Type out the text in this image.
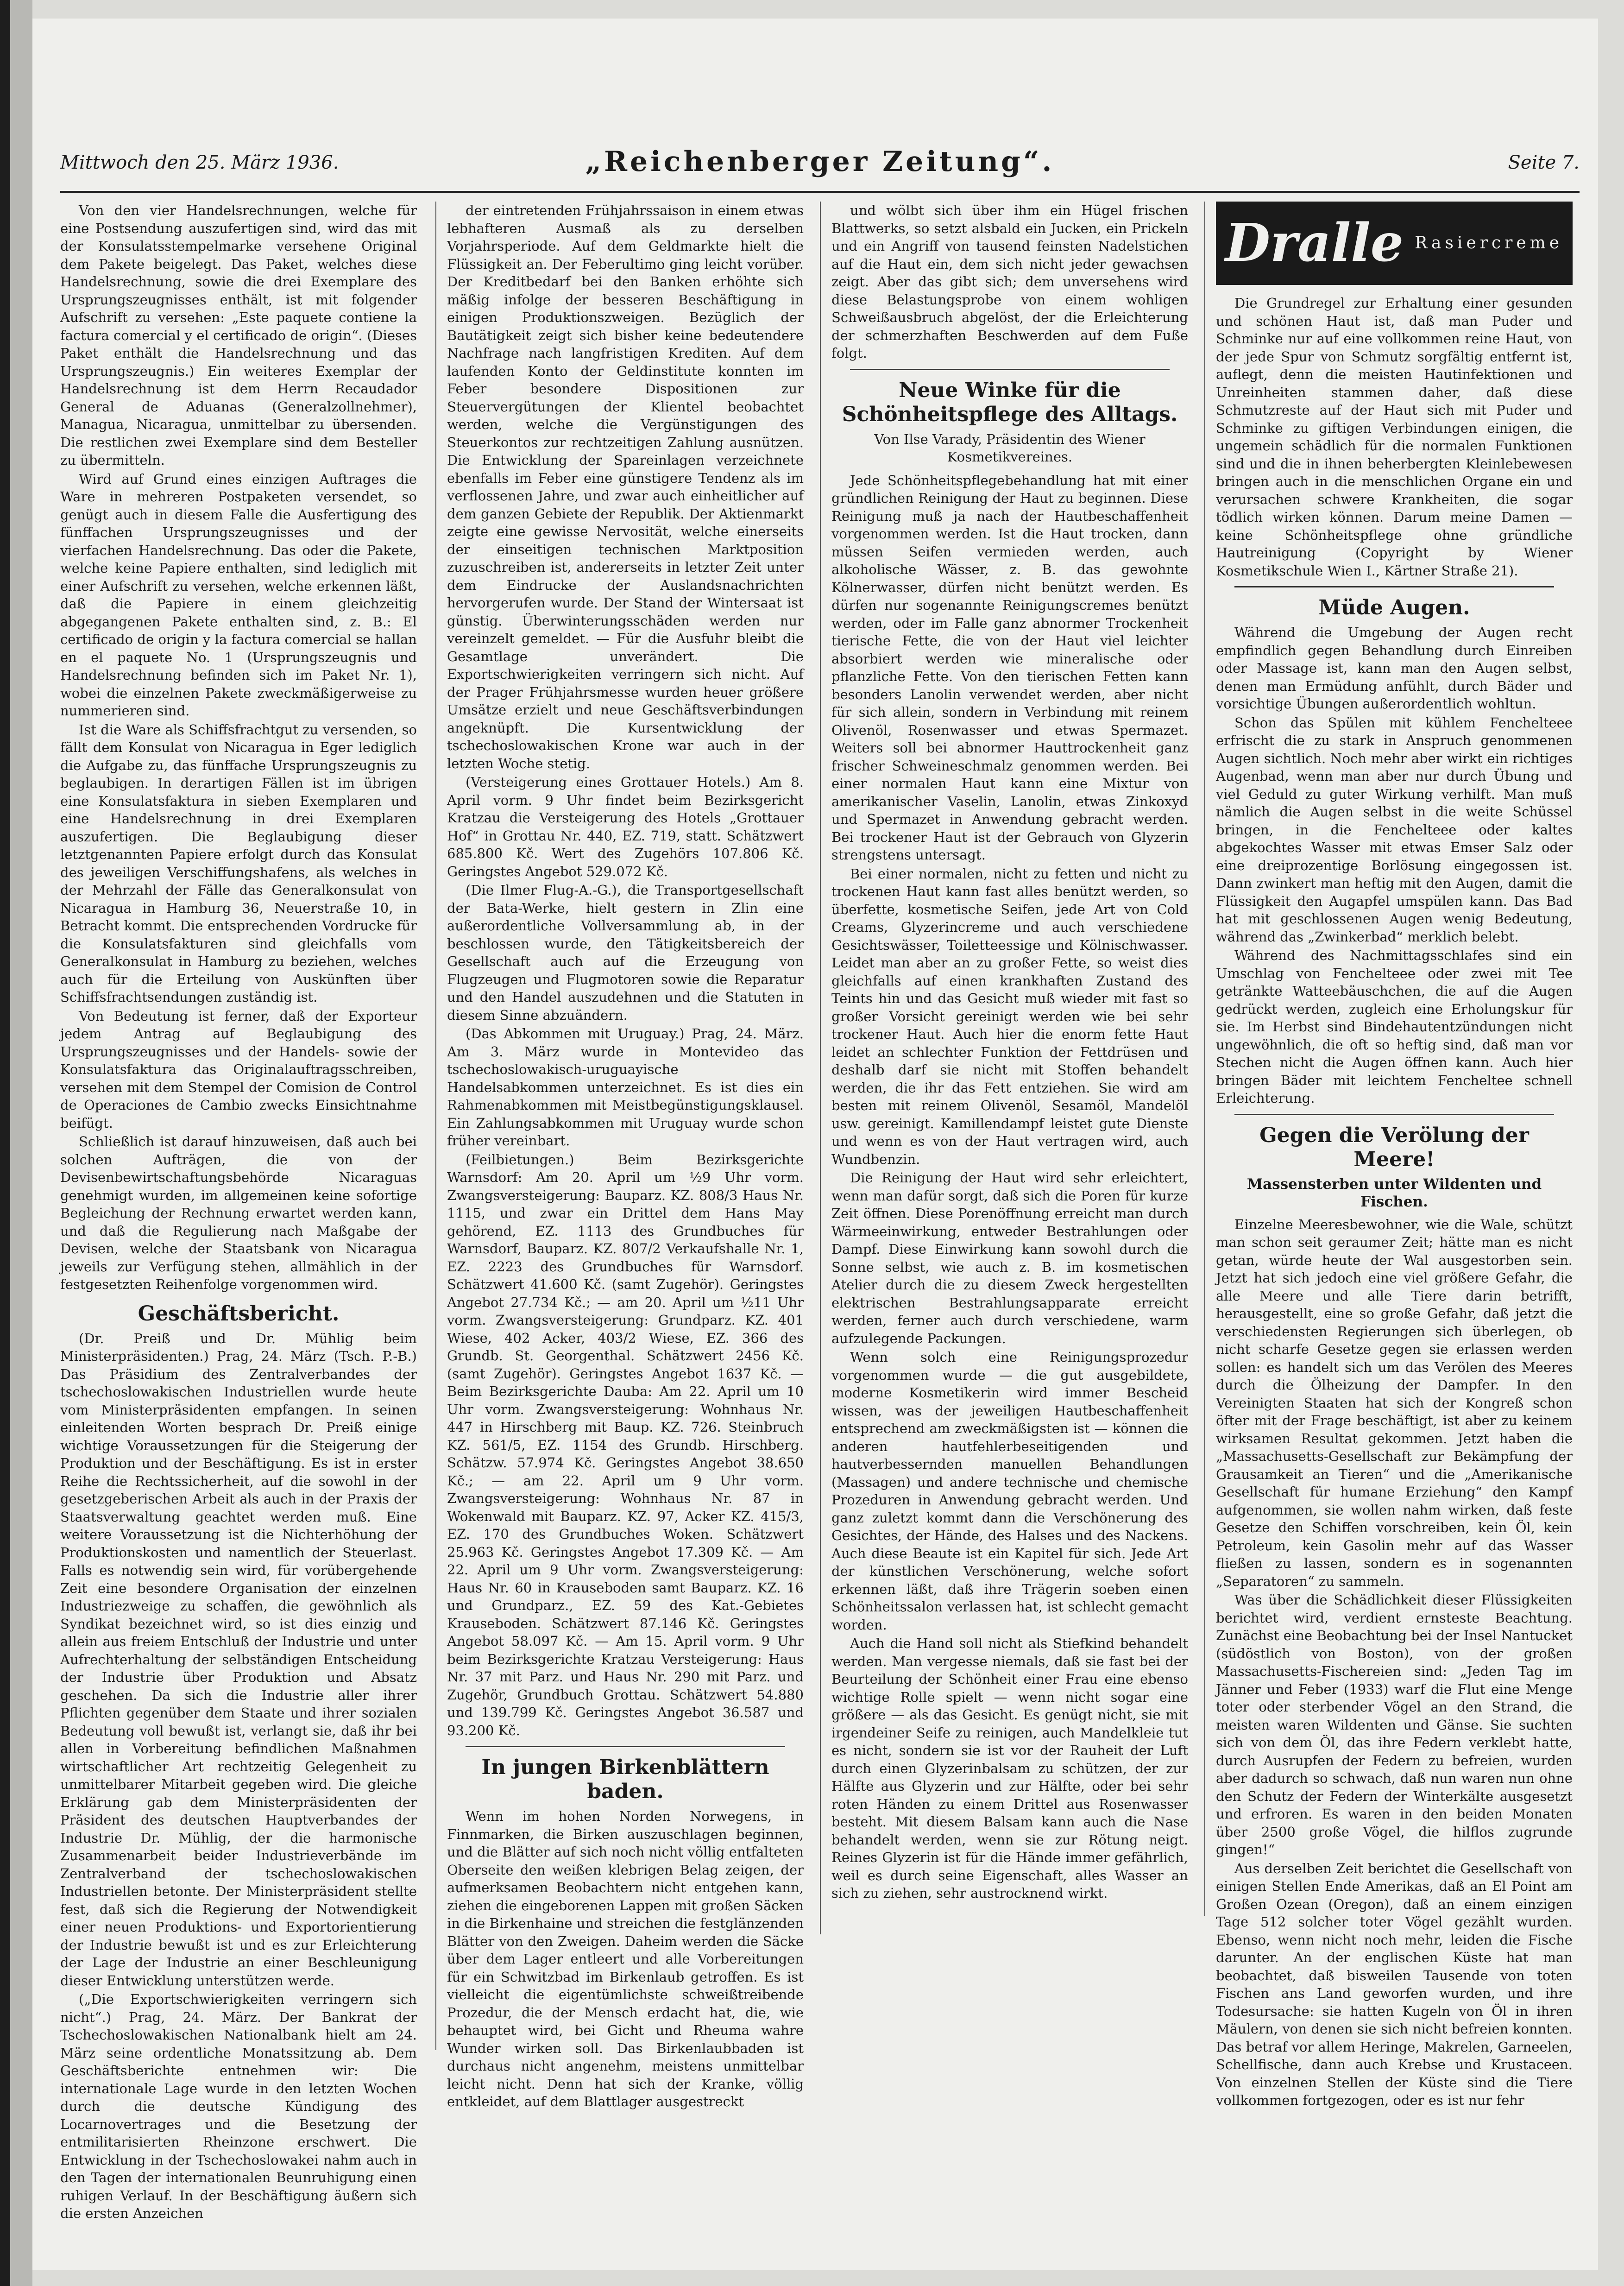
Mittwoch den 25. März 1936.	„Reichenberger Zeitung“.	Seite 7.

Von den vier Handelsrechnungen, welche für eine Postsendung auszufertigen sind, wird das mit der Konsulatsstempelmarke versehene Original dem Pakete beigelegt. Das Paket, welches diese Handelsrechnung, sowie die drei Exemplare des Ursprungszeugnisses enthält, ist mit folgender Aufschrift zu versehen: „Este paquete contiene la factura comercial y el certificado de origin“. (Dieses Paket enthält die Handelsrechnung und das Ursprungszeugnis.) Ein weiteres Exemplar der Handelsrechnung ist dem Herrn Recaudador General de Aduanas (Generalzollnehmer), Managua, Nicaragua, unmittelbar zu übersenden. Die restlichen zwei Exemplare sind dem Besteller zu übermitteln.

Wird auf Grund eines einzigen Auftrages die Ware in mehreren Postpaketen versendet, so genügt auch in diesem Falle die Ausfertigung des fünffachen Ursprungszeugnisses und der vierfachen Handelsrechnung. Das oder die Pakete, welche keine Papiere enthalten, sind lediglich mit einer Aufschrift zu versehen, welche erkennen läßt, daß die Papiere in einem gleichzeitig abgegangenen Pakete enthalten sind, z. B.: El certificado de origin y la factura comercial se hallan en el paquete No. 1 (Ursprungszeugnis und Handelsrechnung befinden sich im Paket Nr. 1), wobei die einzelnen Pakete zweckmäßigerweise zu nummerieren sind.

Ist die Ware als Schiffsfrachtgut zu versenden, so fällt dem Konsulat von Nicaragua in Eger lediglich die Aufgabe zu, das fünffache Ursprungszeugnis zu beglaubigen. In derartigen Fällen ist im übrigen eine Konsulatsfaktura in sieben Exemplaren und eine Handelsrechnung in drei Exemplaren auszufertigen. Die Beglaubigung dieser letztgenannten Papiere erfolgt durch das Konsulat des jeweiligen Verschiffungshafens, als welches in der Mehrzahl der Fälle das Generalkonsulat von Nicaragua in Hamburg 36, Neuerstraße 10, in Betracht kommt. Die entsprechenden Vordrucke für die Konsulatsfakturen sind gleichfalls vom Generalkonsulat in Hamburg zu beziehen, welches auch für die Erteilung von Auskünften über Schiffsfrachtsendungen zuständig ist.

Von Bedeutung ist ferner, daß der Exporteur jedem Antrag auf Beglaubigung des Ursprungszeugnisses und der Handels- sowie der Konsulatsfaktura das Originalauftragsschreiben, versehen mit dem Stempel der Comision de Control de Operaciones de Cambio zwecks Einsichtnahme beifügt.

Schließlich ist darauf hinzuweisen, daß auch bei solchen Aufträgen, die von der Devisenbewirtschaftungsbehörde Nicaraguas genehmigt wurden, im allgemeinen keine sofortige Begleichung der Rechnung erwartet werden kann, und daß die Regulierung nach Maßgabe der Devisen, welche der Staatsbank von Nicaragua jeweils zur Verfügung stehen, allmählich in der festgesetzten Reihenfolge vorgenommen wird.

Geschäftsbericht.

(Dr. Preiß und Dr. Mühlig beim Ministerpräsidenten.) Prag, 24. März (Tsch. P.-B.) Das Präsidium des Zentralverbandes der tschechoslowakischen Industriellen wurde heute vom Ministerpräsidenten empfangen. In seinen einleitenden Worten besprach Dr. Preiß einige wichtige Voraussetzungen für die Steigerung der Produktion und der Beschäftigung. Es ist in erster Reihe die Rechtssicherheit, auf die sowohl in der gesetzgeberischen Arbeit als auch in der Praxis der Staatsverwaltung geachtet werden muß. Eine weitere Voraussetzung ist die Nichterhöhung der Produktionskosten und namentlich der Steuerlast. Falls es notwendig sein wird, für vorübergehende Zeit eine besondere Organisation der einzelnen Industriezweige zu schaffen, die gewöhnlich als Syndikat bezeichnet wird, so ist dies einzig und allein aus freiem Entschluß der Industrie und unter Aufrechterhaltung der selbständigen Entscheidung der Industrie über Produktion und Absatz geschehen. Da sich die Industrie aller ihrer Pflichten gegenüber dem Staate und ihrer sozialen Bedeutung voll bewußt ist, verlangt sie, daß ihr bei allen in Vorbereitung befindlichen Maßnahmen wirtschaftlicher Art rechtzeitig Gelegenheit zu unmittelbarer Mitarbeit gegeben wird. Die gleiche Erklärung gab dem Ministerpräsidenten der Präsident des deutschen Hauptverbandes der Industrie Dr. Mühlig, der die harmonische Zusammenarbeit beider Industrieverbände im Zentralverband der tschechoslowakischen Industriellen betonte. Der Ministerpräsident stellte fest, daß sich die Regierung der Notwendigkeit einer neuen Produktions- und Exportorientierung der Industrie bewußt ist und es zur Erleichterung der Lage der Industrie an einer Beschleunigung dieser Entwicklung unterstützen werde.

(„Die Exportschwierigkeiten verringern sich nicht“.) Prag, 24. März. Der Bankrat der Tschechoslowakischen Nationalbank hielt am 24. März seine ordentliche Monatssitzung ab. Dem Geschäftsberichte entnehmen wir: Die internationale Lage wurde in den letzten Wochen durch die deutsche Kündigung des Locarnovertrages und die Besetzung der entmilitarisierten Rheinzone erschwert. Die Entwicklung in der Tschechoslowakei nahm auch in den Tagen der internationalen Beunruhigung einen ruhigen Verlauf. In der Beschäftigung äußern sich die ersten Anzeichen

der eintretenden Frühjahrssaison in einem etwas lebhafteren Ausmaß als zu derselben Vorjahrsperiode. Auf dem Geldmarkte hielt die Flüssigkeit an. Der Feberultimo ging leicht vorüber. Der Kreditbedarf bei den Banken erhöhte sich mäßig infolge der besseren Beschäftigung in einigen Produktionszweigen. Bezüglich der Bautätigkeit zeigt sich bisher keine bedeutendere Nachfrage nach langfristigen Krediten. Auf dem laufenden Konto der Geldinstitute konnten im Feber besondere Dispositionen zur Steuervergütungen der Klientel beobachtet werden, welche die Vergünstigungen des Steuerkontos zur rechtzeitigen Zahlung ausnützen. Die Entwicklung der Spareinlagen verzeichnete ebenfalls im Feber eine günstigere Tendenz als im verflossenen Jahre, und zwar auch einheitlicher auf dem ganzen Gebiete der Republik. Der Aktienmarkt zeigte eine gewisse Nervosität, welche einerseits der einseitigen technischen Marktposition zuzuschreiben ist, andererseits in letzter Zeit unter dem Eindrucke der Auslandsnachrichten hervorgerufen wurde. Der Stand der Wintersaat ist günstig. Überwinterungsschäden werden nur vereinzelt gemeldet. — Für die Ausfuhr bleibt die Gesamtlage unverändert. Die Exportschwierigkeiten verringern sich nicht. Auf der Prager Frühjahrsmesse wurden heuer größere Umsätze erzielt und neue Geschäftsverbindungen angeknüpft. Die Kursentwicklung der tschechoslowakischen Krone war auch in der letzten Woche stetig.

(Versteigerung eines Grottauer Hotels.) Am 8. April vorm. 9 Uhr findet beim Bezirksgericht Kratzau die Versteigerung des Hotels „Grottauer Hof“ in Grottau Nr. 440, EZ. 719, statt. Schätzwert 685.800 Kč. Wert des Zugehörs 107.806 Kč. Geringstes Angebot 529.072 Kč.

(Die Ilmer Flug-A.-G.), die Transportgesellschaft der Bata-Werke, hielt gestern in Zlin eine außerordentliche Vollversammlung ab, in der beschlossen wurde, den Tätigkeitsbereich der Gesellschaft auch auf die Erzeugung von Flugzeugen und Flugmotoren sowie die Reparatur und den Handel auszudehnen und die Statuten in diesem Sinne abzuändern.

(Das Abkommen mit Uruguay.) Prag, 24. März. Am 3. März wurde in Montevideo das tschechoslowakisch-uruguayische Handelsabkommen unterzeichnet. Es ist dies ein Rahmenabkommen mit Meistbegünstigungsklausel. Ein Zahlungsabkommen mit Uruguay wurde schon früher vereinbart.

(Feilbietungen.) Beim Bezirksgerichte Warnsdorf: Am 20. April um ½9 Uhr vorm. Zwangsversteigerung: Bauparz. KZ. 808/3 Haus Nr. 1115, und zwar ein Drittel dem Hans May gehörend, EZ. 1113 des Grundbuches für Warnsdorf, Bauparz. KZ. 807/2 Verkaufshalle Nr. 1, EZ. 2223 des Grundbuches für Warnsdorf. Schätzwert 41.600 Kč. (samt Zugehör). Geringstes Angebot 27.734 Kč.; — am 20. April um ½11 Uhr vorm. Zwangsversteigerung: Grundparz. KZ. 401 Wiese, 402 Acker, 403/2 Wiese, EZ. 366 des Grundb. St. Georgenthal. Schätzwert 2456 Kč. (samt Zugehör). Geringstes Angebot 1637 Kč. — Beim Bezirksgerichte Dauba: Am 22. April um 10 Uhr vorm. Zwangsversteigerung: Wohnhaus Nr. 447 in Hirschberg mit Baup. KZ. 726. Steinbruch KZ. 561/5, EZ. 1154 des Grundb. Hirschberg. Schätzw. 57.974 Kč. Geringstes Angebot 38.650 Kč.; — am 22. April um 9 Uhr vorm. Zwangsversteigerung: Wohnhaus Nr. 87 in Wokenwald mit Bauparz. KZ. 97, Acker KZ. 415/3, EZ. 170 des Grundbuches Woken. Schätzwert 25.963 Kč. Geringstes Angebot 17.309 Kč. — Am 22. April um 9 Uhr vorm. Zwangsversteigerung: Haus Nr. 60 in Krauseboden samt Bauparz. KZ. 16 und Grundparz., EZ. 59 des Kat.-Gebietes Krauseboden. Schätzwert 87.146 Kč. Geringstes Angebot 58.097 Kč. — Am 15. April vorm. 9 Uhr beim Bezirksgerichte Kratzau Versteigerung: Haus Nr. 37 mit Parz. und Haus Nr. 290 mit Parz. und Zugehör, Grundbuch Grottau. Schätzwert 54.880 und 139.799 Kč. Geringstes Angebot 36.587 und 93.200 Kč.

In jungen Birkenblättern baden.

Wenn im hohen Norden Norwegens, in Finnmarken, die Birken auszuschlagen beginnen, und die Blätter auf sich noch nicht völlig entfalteten Oberseite den weißen klebrigen Belag zeigen, der aufmerksamen Beobachtern nicht entgehen kann, ziehen die eingeborenen Lappen mit großen Säcken in die Birkenhaine und streichen die festglänzenden Blätter von den Zweigen. Daheim werden die Säcke über dem Lager entleert und alle Vorbereitungen für ein Schwitzbad im Birkenlaub getroffen. Es ist vielleicht die eigentümlichste schweißtreibende Prozedur, die der Mensch erdacht hat, die, wie behauptet wird, bei Gicht und Rheuma wahre Wunder wirken soll. Das Birkenlaubbaden ist durchaus nicht angenehm, meistens unmittelbar leicht nicht. Denn hat sich der Kranke, völlig entkleidet, auf dem Blattlager ausgestreckt

und wölbt sich über ihm ein Hügel frischen Blattwerks, so setzt alsbald ein Jucken, ein Prickeln und ein Angriff von tausend feinsten Nadelstichen auf die Haut ein, dem sich nicht jeder gewachsen zeigt. Aber das gibt sich; dem unversehens wird diese Belastungsprobe von einem wohligen Schweißausbruch abgelöst, der die Erleichterung der schmerzhaften Beschwerden auf dem Fuße folgt.

Neue Winke für die Schönheitspflege des Alltags.
Von Ilse Varady, Präsidentin des Wiener Kosmetikvereines.

Jede Schönheitspflegebehandlung hat mit einer gründlichen Reinigung der Haut zu beginnen. Diese Reinigung muß ja nach der Hautbeschaffenheit vorgenommen werden. Ist die Haut trocken, dann müssen Seifen vermieden werden, auch alkoholische Wässer, z. B. das gewohnte Kölnerwasser, dürfen nicht benützt werden. Es dürfen nur sogenannte Reinigungscremes benützt werden, oder im Falle ganz abnormer Trockenheit tierische Fette, die von der Haut viel leichter absorbiert werden wie mineralische oder pflanzliche Fette. Von den tierischen Fetten kann besonders Lanolin verwendet werden, aber nicht für sich allein, sondern in Verbindung mit reinem Olivenöl, Rosenwasser und etwas Spermazet. Weiters soll bei abnormer Hauttrockenheit ganz frischer Schweineschmalz genommen werden. Bei einer normalen Haut kann eine Mixtur von amerikanischer Vaselin, Lanolin, etwas Zinkoxyd und Spermazet in Anwendung gebracht werden. Bei trockener Haut ist der Gebrauch von Glyzerin strengstens untersagt.

Bei einer normalen, nicht zu fetten und nicht zu trockenen Haut kann fast alles benützt werden, so überfette, kosmetische Seifen, jede Art von Cold Creams, Glyzerincreme und auch verschiedene Gesichtswässer, Toiletteessige und Kölnischwasser. Leidet man aber an zu großer Fette, so weist dies gleichfalls auf einen krankhaften Zustand des Teints hin und das Gesicht muß wieder mit fast so großer Vorsicht gereinigt werden wie bei sehr trockener Haut. Auch hier die enorm fette Haut leidet an schlechter Funktion der Fettdrüsen und deshalb darf sie nicht mit Stoffen behandelt werden, die ihr das Fett entziehen. Sie wird am besten mit reinem Olivenöl, Sesamöl, Mandelöl usw. gereinigt. Kamillendampf leistet gute Dienste und wenn es von der Haut vertragen wird, auch Wundbenzin.

Die Reinigung der Haut wird sehr erleichtert, wenn man dafür sorgt, daß sich die Poren für kurze Zeit öffnen. Diese Porenöffnung erreicht man durch Wärmeeinwirkung, entweder Bestrahlungen oder Dampf. Diese Einwirkung kann sowohl durch die Sonne selbst, wie auch z. B. im kosmetischen Atelier durch die zu diesem Zweck hergestellten elektrischen Bestrahlungsapparate erreicht werden, ferner auch durch verschiedene, warm aufzulegende Packungen.

Wenn solch eine Reinigungsprozedur vorgenommen wurde — die gut ausgebildete, moderne Kosmetikerin wird immer Bescheid wissen, was der jeweiligen Hautbeschaffenheit entsprechend am zweckmäßigsten ist — können die anderen hautfehlerbeseitigenden und hautverbessernden manuellen Behandlungen (Massagen) und andere technische und chemische Prozeduren in Anwendung gebracht werden. Und ganz zuletzt kommt dann die Verschönerung des Gesichtes, der Hände, des Halses und des Nackens. Auch diese Beaute ist ein Kapitel für sich. Jede Art der künstlichen Verschönerung, welche sofort erkennen läßt, daß ihre Trägerin soeben einen Schönheitssalon verlassen hat, ist schlecht gemacht worden.

Auch die Hand soll nicht als Stiefkind behandelt werden. Man vergesse niemals, daß sie fast bei der Beurteilung der Schönheit einer Frau eine ebenso wichtige Rolle spielt — wenn nicht sogar eine größere — als das Gesicht. Es genügt nicht, sie mit irgendeiner Seife zu reinigen, auch Mandelkleie tut es nicht, sondern sie ist vor der Rauheit der Luft durch einen Glyzerinbalsam zu schützen, der zur Hälfte aus Glyzerin und zur Hälfte, oder bei sehr roten Händen zu einem Drittel aus Rosenwasser besteht. Mit diesem Balsam kann auch die Nase behandelt werden, wenn sie zur Rötung neigt. Reines Glyzerin ist für die Hände immer gefährlich, weil es durch seine Eigenschaft, alles Wasser an sich zu ziehen, sehr austrocknend wirkt.

Dralle Rasiercreme

Die Grundregel zur Erhaltung einer gesunden und schönen Haut ist, daß man Puder und Schminke nur auf eine vollkommen reine Haut, von der jede Spur von Schmutz sorgfältig entfernt ist, auflegt, denn die meisten Hautinfektionen und Unreinheiten stammen daher, daß diese Schmutzreste auf der Haut sich mit Puder und Schminke zu giftigen Verbindungen einigen, die ungemein schädlich für die normalen Funktionen sind und die in ihnen beherbergten Kleinlebewesen bringen auch in die menschlichen Organe ein und verursachen schwere Krankheiten, die sogar tödlich wirken können. Darum meine Damen — keine Schönheitspflege ohne gründliche Hautreinigung (Copyright by Wiener Kosmetikschule Wien I., Kärtner Straße 21).

Müde Augen.

Während die Umgebung der Augen recht empfindlich gegen Behandlung durch Einreiben oder Massage ist, kann man den Augen selbst, denen man Ermüdung anfühlt, durch Bäder und vorsichtige Übungen außerordentlich wohltun.

Schon das Spülen mit kühlem Fenchelteee erfrischt die zu stark in Anspruch genommenen Augen sichtlich. Noch mehr aber wirkt ein richtiges Augenbad, wenn man aber nur durch Übung und viel Geduld zu guter Wirkung verhilft. Man muß nämlich die Augen selbst in die weite Schüssel bringen, in die Fenchelteee oder kaltes abgekochtes Wasser mit etwas Emser Salz oder eine dreiprozentige Borlösung eingegossen ist. Dann zwinkert man heftig mit den Augen, damit die Flüssigkeit den Augapfel umspülen kann. Das Bad hat mit geschlossenen Augen wenig Bedeutung, während das „Zwinkerbad“ merklich belebt.

Während des Nachmittagsschlafes sind ein Umschlag von Fenchelteee oder zwei mit Tee getränkte Watteebäuschchen, die auf die Augen gedrückt werden, zugleich eine Erholungskur für sie. Im Herbst sind Bindehautentzündungen nicht ungewöhnlich, die oft so heftig sind, daß man vor Stechen nicht die Augen öffnen kann. Auch hier bringen Bäder mit leichtem Fencheltee schnell Erleichterung.

Gegen die Verölung der Meere!
Massensterben unter Wildenten und Fischen.

Einzelne Meeresbewohner, wie die Wale, schützt man schon seit geraumer Zeit; hätte man es nicht getan, würde heute der Wal ausgestorben sein. Jetzt hat sich jedoch eine viel größere Gefahr, die alle Meere und alle Tiere darin betrifft, herausgestellt, eine so große Gefahr, daß jetzt die verschiedensten Regierungen sich überlegen, ob nicht scharfe Gesetze gegen sie erlassen werden sollen: es handelt sich um das Verölen des Meeres durch die Ölheizung der Dampfer. In den Vereinigten Staaten hat sich der Kongreß schon öfter mit der Frage beschäftigt, ist aber zu keinem wirksamen Resultat gekommen. Jetzt haben die „Massachusetts-Gesellschaft zur Bekämpfung der Grausamkeit an Tieren“ und die „Amerikanische Gesellschaft für humane Erziehung“ den Kampf aufgenommen, sie wollen nahm wirken, daß feste Gesetze den Schiffen vorschreiben, kein Öl, kein Petroleum, kein Gasolin mehr auf das Wasser fließen zu lassen, sondern es in sogenannten „Separatoren“ zu sammeln.

Was über die Schädlichkeit dieser Flüssigkeiten berichtet wird, verdient ernsteste Beachtung. Zunächst eine Beobachtung bei der Insel Nantucket (südöstlich von Boston), von der großen Massachusetts-Fischereien sind: „Jeden Tag im Jänner und Feber (1933) warf die Flut eine Menge toter oder sterbender Vögel an den Strand, die meisten waren Wildenten und Gänse. Sie suchten sich von dem Öl, das ihre Federn verklebt hatte, durch Ausrupfen der Federn zu befreien, wurden aber dadurch so schwach, daß nun waren nun ohne den Schutz der Federn der Winterkälte ausgesetzt und erfroren. Es waren in den beiden Monaten über 2500 große Vögel, die hilflos zugrunde gingen!“

Aus derselben Zeit berichtet die Gesellschaft von einigen Stellen Ende Amerikas, daß an El Point am Großen Ozean (Oregon), daß an einem einzigen Tage 512 solcher toter Vögel gezählt wurden. Ebenso, wenn nicht noch mehr, leiden die Fische darunter. An der englischen Küste hat man beobachtet, daß bisweilen Tausende von toten Fischen ans Land geworfen wurden, und ihre Todesursache: sie hatten Kugeln von Öl in ihren Mäulern, von denen sie sich nicht befreien konnten. Das betraf vor allem Heringe, Makrelen, Garneelen, Schellfische, dann auch Krebse und Krustaceen. Von einzelnen Stellen der Küste sind die Tiere vollkommen fortgezogen, oder es ist nur fehr
